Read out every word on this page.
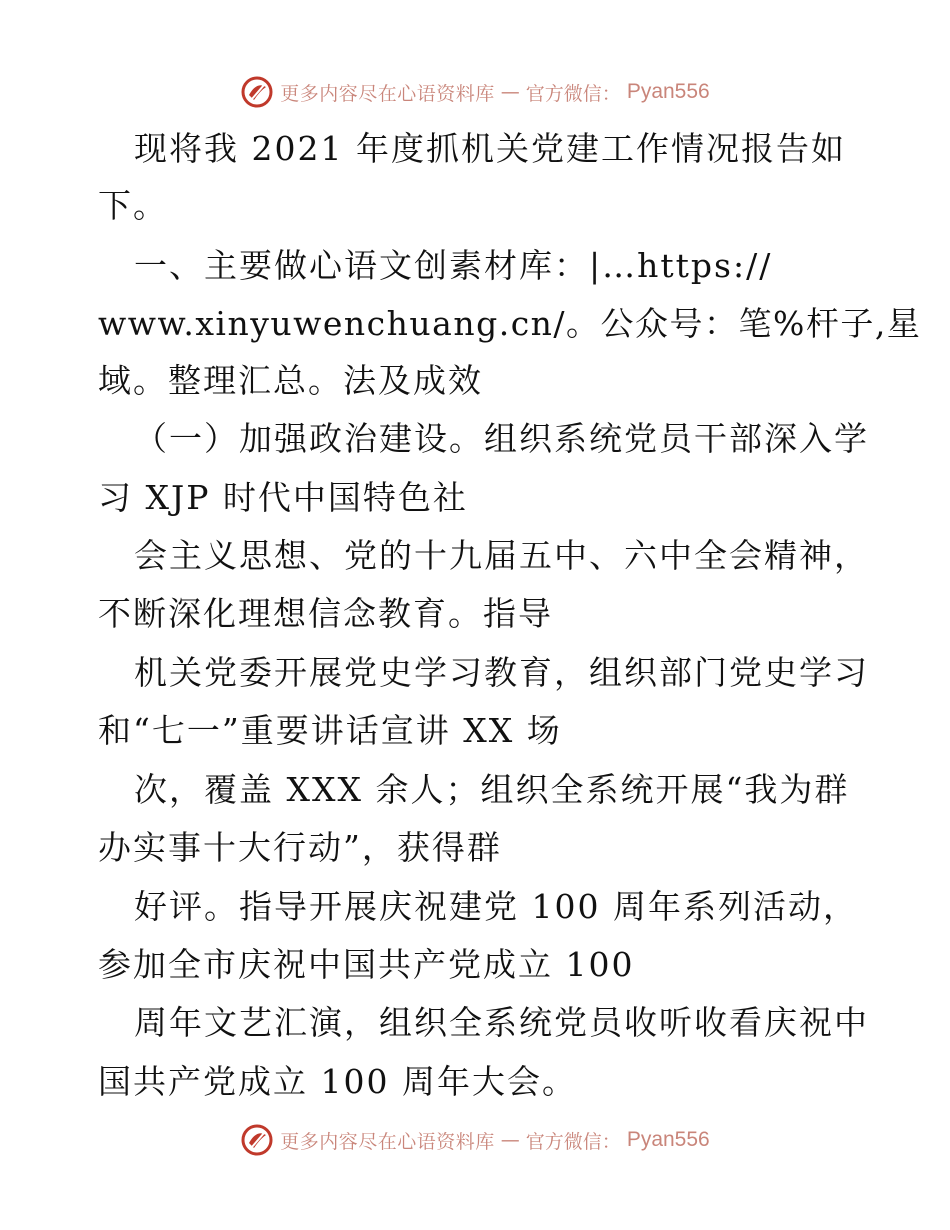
更多内容尽在心语资料库 — 官方微信： Pyan556
现将我 2021 年度抓机关党建工作情况报告如
下。
一、主要做心语文创素材库：|…https://
www.xinyuwenchuang.cn/。公众号：笔%杆子,星
域。整理汇总。法及成效
（一）加强政治建设。组织系统党员干部深入学
习 XJP 时代中国特色社
会主义思想、党的十九届五中、六中全会精神，
不断深化理想信念教育。指导
机关党委开展党史学习教育，组织部门党史学习
和“七一”重要讲话宣讲 XX 场
次，覆盖 XXX 余人；组织全系统开展“我为群
办实事十大行动”，获得群
好评。指导开展庆祝建党 100 周年系列活动，
参加全市庆祝中国共产党成立 100
周年文艺汇演，组织全系统党员收听收看庆祝中
国共产党成立 100 周年大会。
更多内容尽在心语资料库 — 官方微信： Pyan556
